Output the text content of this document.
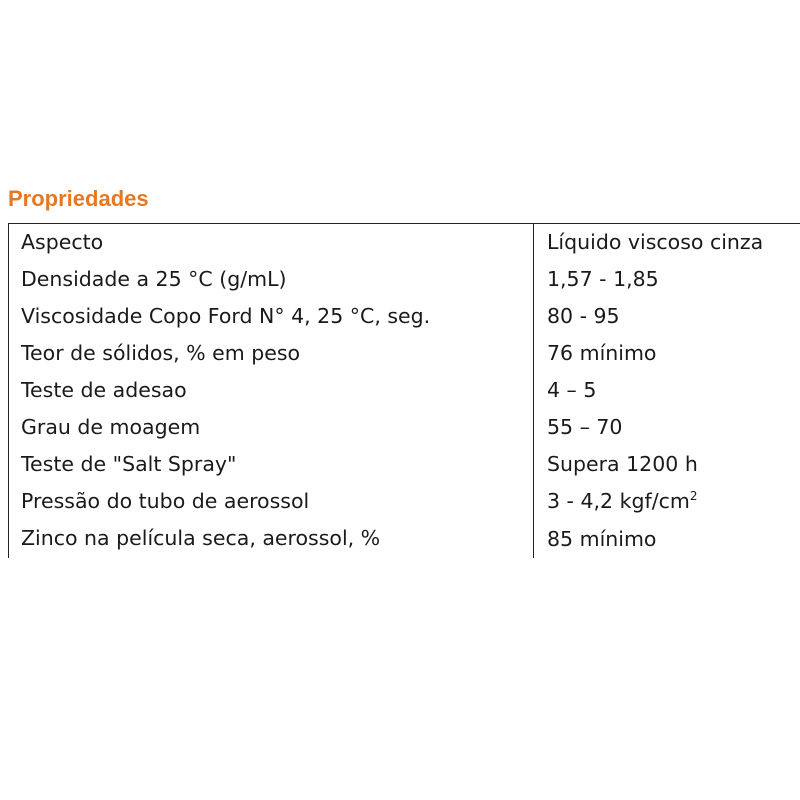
Propriedades
Aspecto	Líquido viscoso cinza
Densidade a 25 °C (g/mL)	1,57 - 1,85
Viscosidade Copo Ford N° 4, 25 °C, seg.	80 - 95
Teor de sólidos, % em peso	76 mínimo
Teste de adesao	4 – 5
Grau de moagem	55 – 70
Teste de "Salt Spray"	Supera 1200 h
Pressão do tubo de aerossol	3 - 4,2 kgf/$cm^2$
Zinco na película seca, aerossol, %	85 mínimo
